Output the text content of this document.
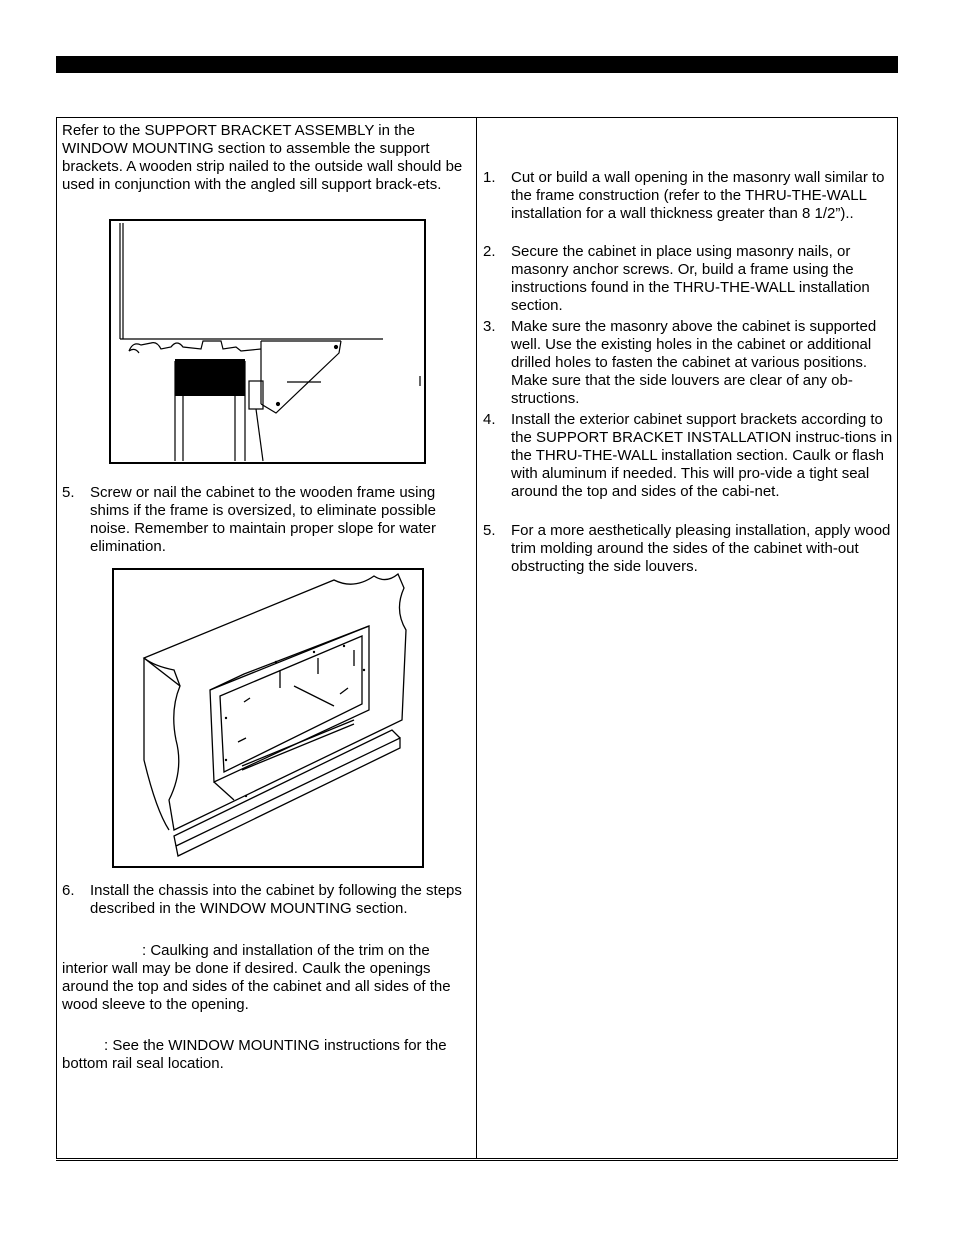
Refer to the SUPPORT BRACKET ASSEMBLY in the WINDOW MOUNTING section to assemble the support brackets. A wooden strip nailed to the outside wall should be used in conjunction with the angled sill support brack-ets.

5. Screw or nail the cabinet to the wooden frame using shims if the frame is oversized, to eliminate possible noise. Remember to maintain proper slope for water elimination.
6. Install the chassis into the cabinet by following the steps described in the WINDOW MOUNTING section.

: Caulking and installation of the trim on the interior wall may be done if desired. Caulk the openings around the top and sides of the cabinet and all sides of the wood sleeve to the opening.

: See the WINDOW MOUNTING instructions for the bottom rail seal location.

1. Cut or build a wall opening in the masonry wall similar to the frame construction (refer to the THRU-THE-WALL installation for a wall thickness greater than 8 1/2”)..
2. Secure the cabinet in place using masonry nails, or masonry anchor screws. Or, build a frame using the instructions found in the THRU-THE-WALL installation section.
3. Make sure the masonry above the cabinet is supported well. Use the existing holes in the cabinet or additional drilled holes to fasten the cabinet at various positions. Make sure that the side louvers are clear of any ob-structions.
4. Install the exterior cabinet support brackets according to the SUPPORT BRACKET INSTALLATION instruc-tions in the THRU-THE-WALL installation section. Caulk or flash with aluminum if needed. This will pro-vide a tight seal around the top and sides of the cabi-net.
5. For a more aesthetically pleasing installation, apply wood trim molding around the sides of the cabinet with-out obstructing the side louvers.
